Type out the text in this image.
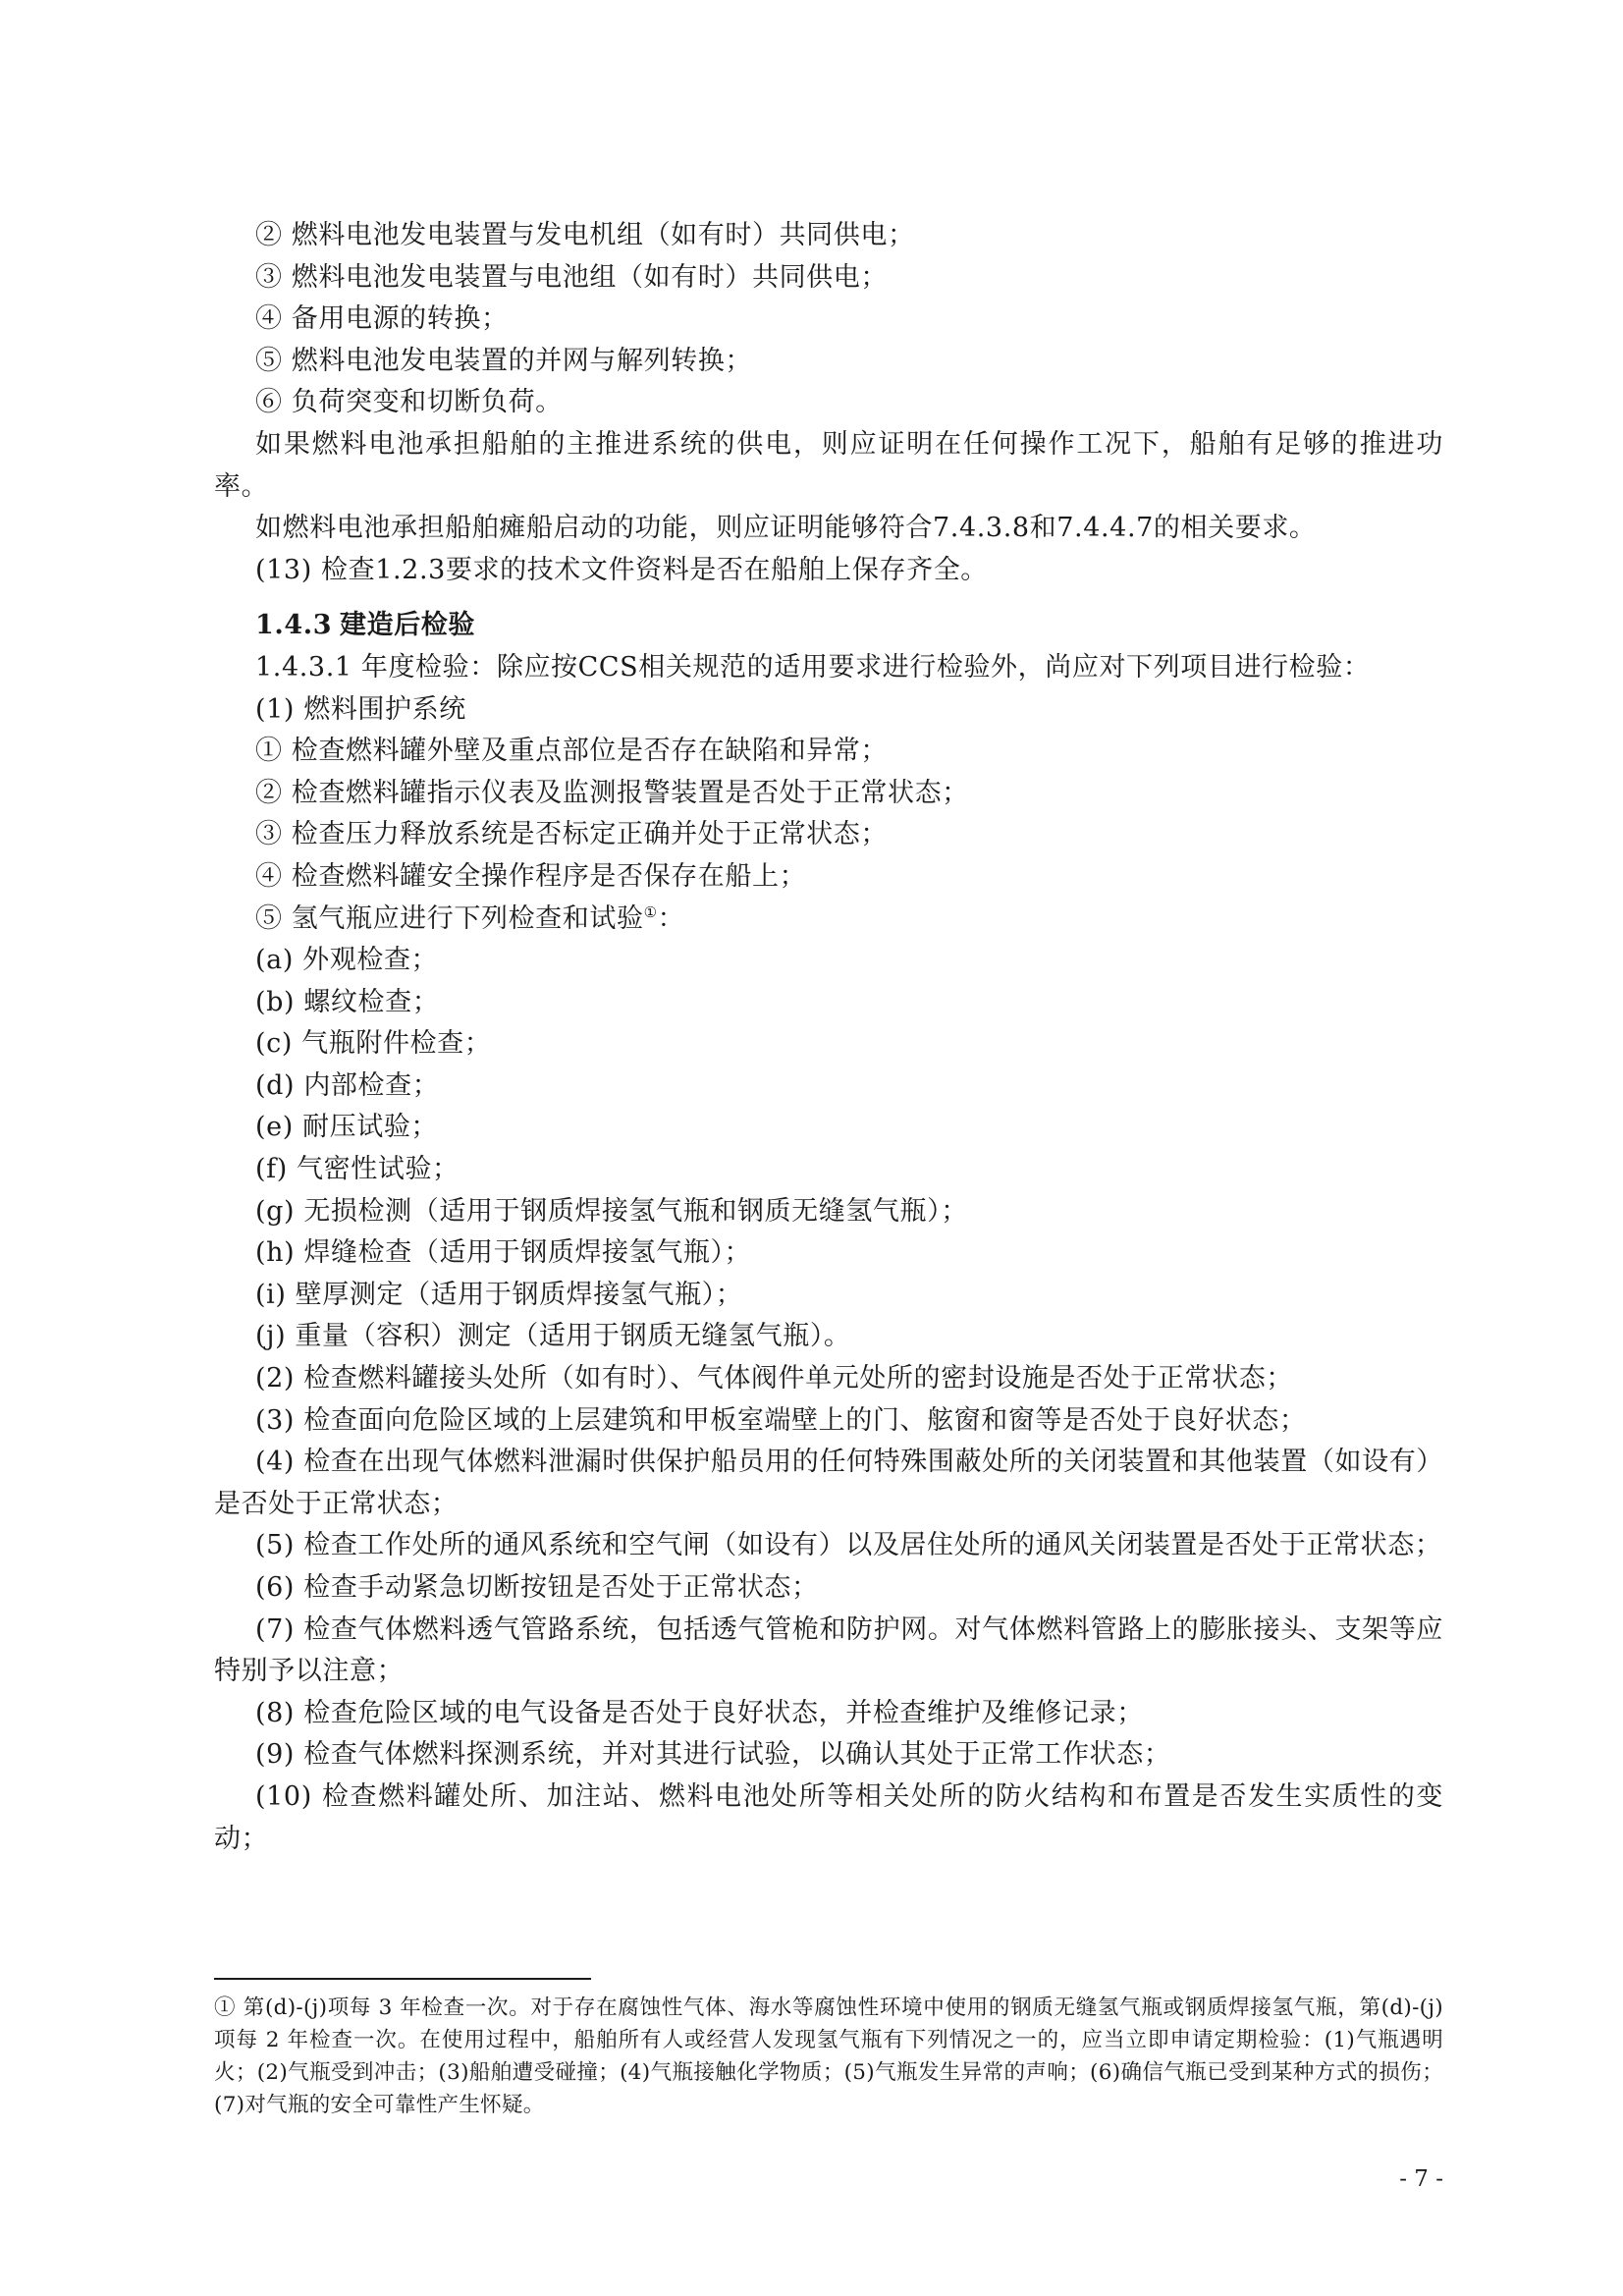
② 燃料电池发电装置与发电机组（如有时）共同供电；
③ 燃料电池发电装置与电池组（如有时）共同供电；
④ 备用电源的转换；
⑤ 燃料电池发电装置的并网与解列转换；
⑥ 负荷突变和切断负荷。
如果燃料电池承担船舶的主推进系统的供电，则应证明在任何操作工况下，船舶有足够的推进功率。
如燃料电池承担船舶瘫船启动的功能，则应证明能够符合7.4.3.8和7.4.4.7的相关要求。
(13) 检查1.2.3要求的技术文件资料是否在船舶上保存齐全。
1.4.3 建造后检验
1.4.3.1 年度检验：除应按CCS相关规范的适用要求进行检验外，尚应对下列项目进行检验：
(1) 燃料围护系统
① 检查燃料罐外壁及重点部位是否存在缺陷和异常；
② 检查燃料罐指示仪表及监测报警装置是否处于正常状态；
③ 检查压力释放系统是否标定正确并处于正常状态；
④ 检查燃料罐安全操作程序是否保存在船上；
⑤ 氢气瓶应进行下列检查和试验①：
(a) 外观检查；
(b) 螺纹检查；
(c) 气瓶附件检查；
(d) 内部检查；
(e) 耐压试验；
(f) 气密性试验；
(g) 无损检测（适用于钢质焊接氢气瓶和钢质无缝氢气瓶）；
(h) 焊缝检查（适用于钢质焊接氢气瓶）；
(i) 壁厚测定（适用于钢质焊接氢气瓶）；
(j) 重量（容积）测定（适用于钢质无缝氢气瓶）。
(2) 检查燃料罐接头处所（如有时）、气体阀件单元处所的密封设施是否处于正常状态；
(3) 检查面向危险区域的上层建筑和甲板室端壁上的门、舷窗和窗等是否处于良好状态；
(4) 检查在出现气体燃料泄漏时供保护船员用的任何特殊围蔽处所的关闭装置和其他装置（如设有）是否处于正常状态；
(5) 检查工作处所的通风系统和空气闸（如设有）以及居住处所的通风关闭装置是否处于正常状态；
(6) 检查手动紧急切断按钮是否处于正常状态；
(7) 检查气体燃料透气管路系统，包括透气管桅和防护网。对气体燃料管路上的膨胀接头、支架等应特别予以注意；
(8) 检查危险区域的电气设备是否处于良好状态，并检查维护及维修记录；
(9) 检查气体燃料探测系统，并对其进行试验，以确认其处于正常工作状态；
(10) 检查燃料罐处所、加注站、燃料电池处所等相关处所的防火结构和布置是否发生实质性的变动；
① 第(d)-(j)项每 3 年检查一次。对于存在腐蚀性气体、海水等腐蚀性环境中使用的钢质无缝氢气瓶或钢质焊接氢气瓶，第(d)-(j)项每 2 年检查一次。在使用过程中，船舶所有人或经营人发现氢气瓶有下列情况之一的，应当立即申请定期检验：(1)气瓶遇明火；(2)气瓶受到冲击；(3)船舶遭受碰撞；(4)气瓶接触化学物质；(5)气瓶发生异常的声响；(6)确信气瓶已受到某种方式的损伤；(7)对气瓶的安全可靠性产生怀疑。
- 7 -
